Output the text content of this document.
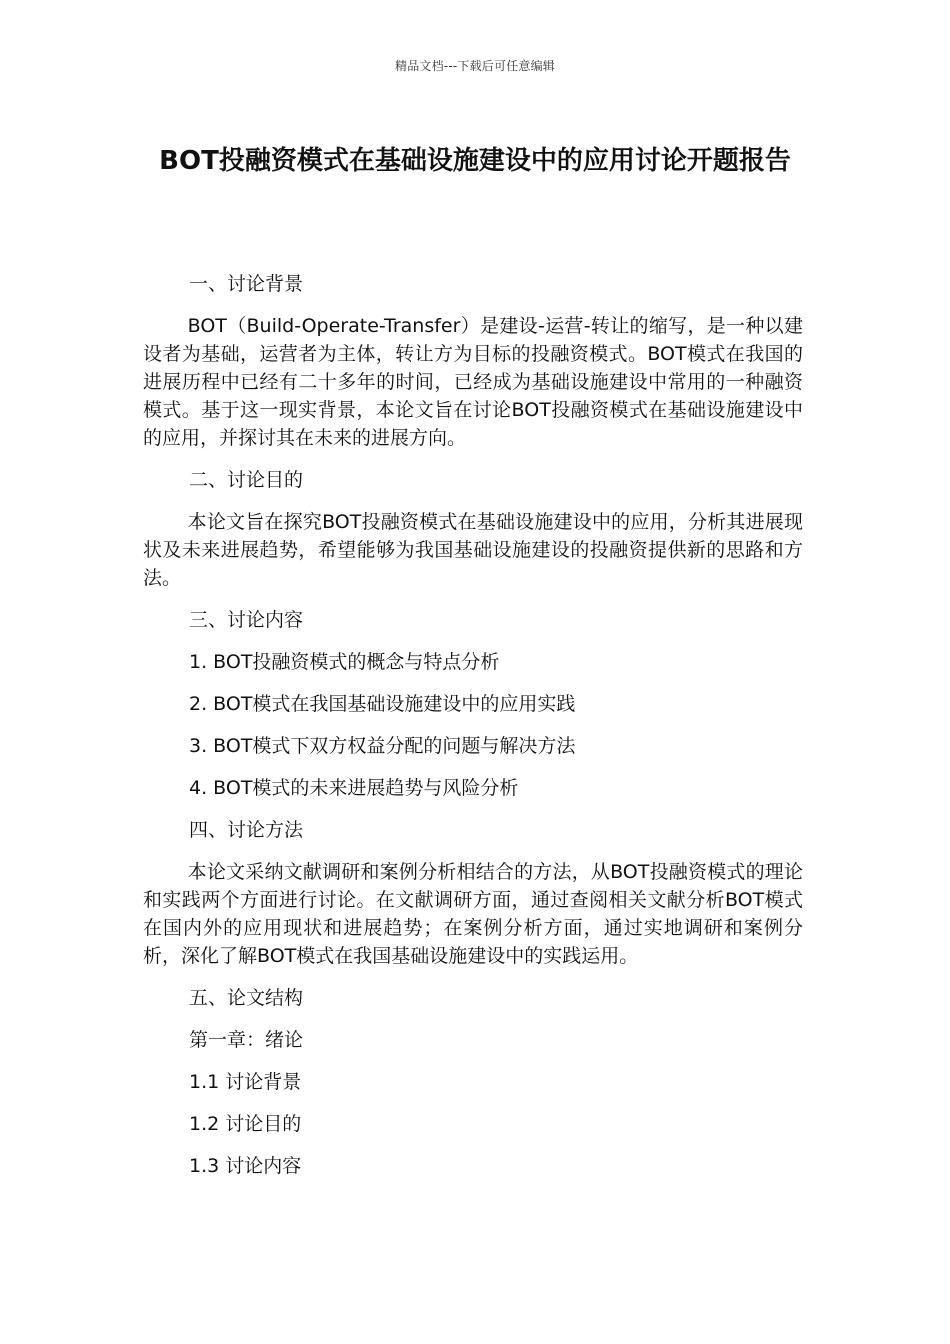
精品文档---下载后可任意编辑
BOT投融资模式在基础设施建设中的应用讨论开题报告

一、讨论背景

BOT（Build-Operate-Transfer）是建设-运营-转让的缩写，是一种以建设者为基础，运营者为主体，转让方为目标的投融资模式。BOT模式在我国的进展历程中已经有二十多年的时间，已经成为基础设施建设中常用的一种融资模式。基于这一现实背景，本论文旨在讨论BOT投融资模式在基础设施建设中的应用，并探讨其在未来的进展方向。

二、讨论目的

本论文旨在探究BOT投融资模式在基础设施建设中的应用，分析其进展现状及未来进展趋势，希望能够为我国基础设施建设的投融资提供新的思路和方法。

三、讨论内容

1. BOT投融资模式的概念与特点分析

2. BOT模式在我国基础设施建设中的应用实践

3. BOT模式下双方权益分配的问题与解决方法

4. BOT模式的未来进展趋势与风险分析

四、讨论方法

本论文采纳文献调研和案例分析相结合的方法，从BOT投融资模式的理论和实践两个方面进行讨论。在文献调研方面，通过查阅相关文献分析BOT模式在国内外的应用现状和进展趋势；在案例分析方面，通过实地调研和案例分析，深化了解BOT模式在我国基础设施建设中的实践运用。

五、论文结构

第一章：绪论

1.1 讨论背景

1.2 讨论目的

1.3 讨论内容
